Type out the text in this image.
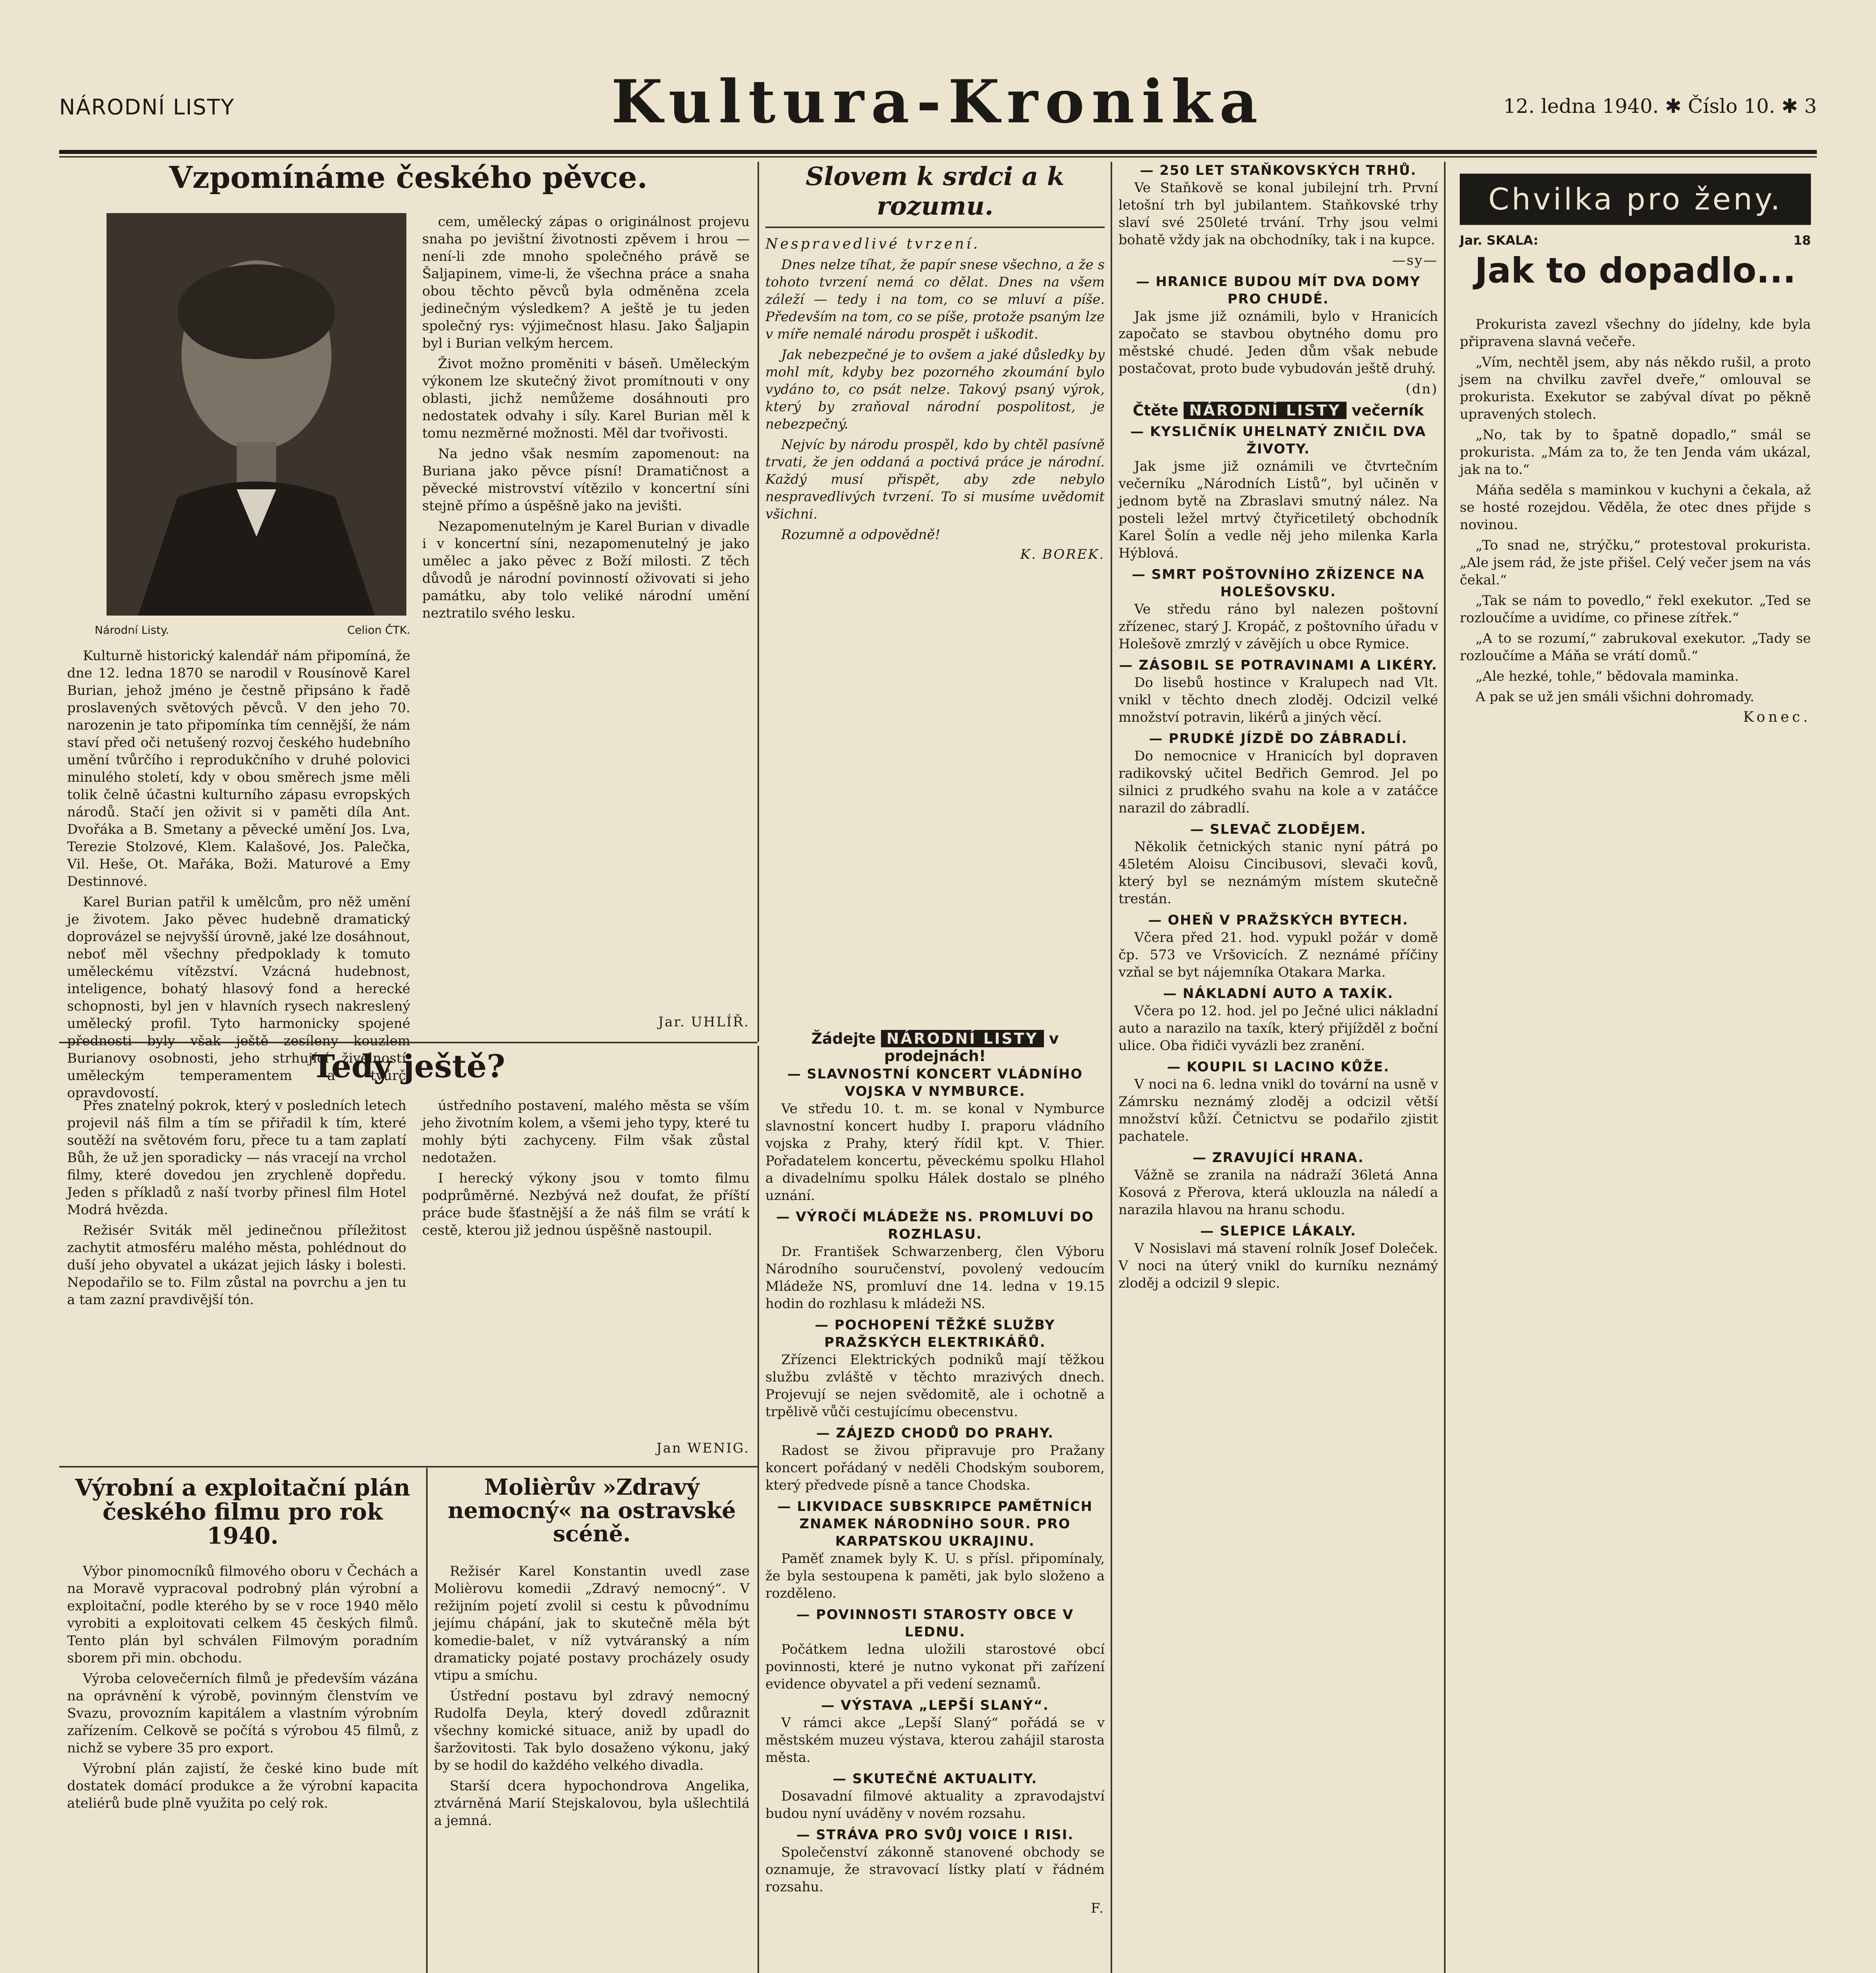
NÁRODNÍ LISTY	Kultura-Kronika	12. ledna 1940. ✱ Číslo 10. ✱ 3
Vzpomínáme českého pěvce.
Národní Listy.	Celion ČTK.

Kulturně historický kalendář nám připomíná, že dne 12. ledna 1870 se narodil v Rousínově Karel Burian, jehož jméno je čestně připsáno k řadě proslavených světových pěvců. V den jeho 70. narozenin je tato připomínka tím cennější, že nám staví před oči netušený rozvoj českého hudebního umění tvůrčího i reprodukčního v druhé polovici minulého století, kdy v obou směrech jsme měli tolik čelně účastni kulturního zápasu evropských národů. Stačí jen oživit si v paměti díla Ant. Dvořáka a B. Smetany a pěvecké umění Jos. Lva, Terezie Stolzové, Klem. Kalašové, Jos. Palečka, Vil. Heše, Ot. Mařáka, Boži. Maturové a Emy Destinnové.

Karel Burian patřil k umělcům, pro něž umění je životem. Jako pěvec hudebně dramatický doprovázel se nejvyšší úrovně, jaké lze dosáhnout, neboť měl všechny předpoklady k tomuto uměleckému vítězství. Vzácná hudebnost, inteligence, bohatý hlasový fond a herecké schopnosti, byl jen v hlavních rysech nakreslený umělecký profil. Tyto harmonicky spojené přednosti byly však ještě zesíleny kouzlem Burianovy osobnosti, jeho strhující živelností, uměleckým temperamentem a tvůrčí opravdovostí.

cem, umělecký zápas o originálnost projevu snaha po jevištní životnosti zpěvem i hrou — není-li zde mnoho společného právě se Šaljapinem, vime-li, že všechna práce a snaha obou těchto pěvců byla odměněna zcela jedinečným výsledkem? A ještě je tu jeden společný rys: výjimečnost hlasu. Jako Šaljapin byl i Burian velkým hercem.

Život možno proměniti v báseň. Uměleckým výkonem lze skutečný život promítnouti v ony oblasti, jichž nemůžeme dosáhnouti pro nedostatek odvahy i síly. Karel Burian měl k tomu nezměrné možnosti. Měl dar tvořivosti.

Na jedno však nesmím zapomenout: na Buriana jako pěvce písní! Dramatičnost a pěvecké mistrovství vítězilo v koncertní síni stejně přímo a úspěšně jako na jevišti.

Nezapomenutelným je Karel Burian v divadle i v koncertní síni, nezapomenutelný je jako umělec a jako pěvec z Boží milosti. Z těch důvodů je národní povinností oživovati si jeho památku, aby tolo veliké národní umění neztratilo svého lesku.

Jar. UHLÍŘ.
Tedy ještě?

Přes znatelný pokrok, který v posledních letech projevil náš film a tím se přiřadil k tím, které soutěží na světovém foru, přece tu a tam zaplatí Bůh, že už jen sporadicky — nás vracejí na vrchol filmy, které dovedou jen zrychleně dopředu. Jeden s příkladů z naší tvorby přinesl film Hotel Modrá hvězda.

Režisér Sviták měl jedinečnou příležitost zachytit atmosféru malého města, pohlédnout do duší jeho obyvatel a ukázat jejich lásky i bolesti. Nepodařilo se to. Film zůstal na povrchu a jen tu a tam zazní pravdivější tón.

ústředního postavení, malého města se vším jeho životním kolem, a všemi jeho typy, které tu mohly býti zachyceny. Film však zůstal nedotažen.

I herecký výkony jsou v tomto filmu podprůměrné. Nezbývá než doufat, že příští práce bude šťastnější a že náš film se vrátí k cestě, kterou již jednou úspěšně nastoupil.

Jan WENIG.
Výrobní a exploitační plán českého filmu pro rok 1940.

Výbor pinomocníků filmového oboru v Čechách a na Moravě vypracoval podrobný plán výrobní a exploitační, podle kterého by se v roce 1940 mělo vyrobiti a exploitovati celkem 45 českých filmů. Tento plán byl schválen Filmovým poradním sborem při min. obchodu.

Výroba celovečerních filmů je především vázána na oprávnění k výrobě, povinným členstvím ve Svazu, provozním kapitálem a vlastním výrobním zařízením. Celkově se počítá s výrobou 45 filmů, z nichž se vybere 35 pro export.

Výrobní plán zajistí, že české kino bude mít dostatek domácí produkce a že výrobní kapacita ateliérů bude plně využita po celý rok.

Molièrův »Zdravý nemocný« na ostravské scéně.

Režisér Karel Konstantin uvedl zase Molièrovu komedii „Zdravý nemocný“. V režijním pojetí zvolil si cestu k původnímu jejímu chápání, jak to skutečně měla být komedie-balet, v níž vytváranský a ním dramaticky pojaté postavy procházely osudy vtipu a smíchu.

Ústřední postavu byl zdravý nemocný Rudolfa Deyla, který dovedl zdůraznit všechny komické situace, aniž by upadl do šaržovitosti. Tak bylo dosaženo výkonu, jaký by se hodil do každého velkého divadla.

Starší dcera hypochondrova Angelika, ztvárněná Marií Stejskalovou, byla ušlechtilá a jemná.

Slovem k srdci a k rozumu.
Nespravedlivé tvrzení.

Dnes nelze tíhat, že papír snese všechno, a že s tohoto tvrzení nemá co dělat. Dnes na všem záleží — tedy i na tom, co se mluví a píše. Především na tom, co se píše, protože psaným lze v míře nemalé národu prospět i uškodit.

Jak nebezpečné je to ovšem a jaké důsledky by mohl mít, kdyby bez pozorného zkoumání bylo vydáno to, co psát nelze. Takový psaný výrok, který by zraňoval národní pospolitost, je nebezpečný.

Nejvíc by národu prospěl, kdo by chtěl pasívně trvati, že jen oddaná a poctivá práce je národní. Každý musí přispět, aby zde nebylo nespravedlivých tvrzení. To si musíme uvědomit všichni.

Rozumně a odpovědně!

K. BOREK.
Žádejte NÁRODNÍ LISTY v prodejnách!
— SLAVNOSTNÍ KONCERT VLÁDNÍHO VOJSKA V NYMBURCE.

Ve středu 10. t. m. se konal v Nymburce slavnostní koncert hudby I. praporu vládního vojska z Prahy, který řídil kpt. V. Thier. Pořadatelem koncertu, pěveckému spolku Hlahol a divadelnímu spolku Hálek dostalo se plného uznání.

— VÝROČÍ MLÁDEŽE NS. PROMLUVÍ DO ROZHLASU.

Dr. František Schwarzenberg, člen Výboru Národního souručenství, povolený vedoucím Mládeže NS, promluví dne 14. ledna v 19.15 hodin do rozhlasu k mládeži NS.

— POCHOPENÍ TĚŽKÉ SLUŽBY PRAŽSKÝCH ELEKTRIKÁŘŮ.

Zřízenci Elektrických podniků mají těžkou službu zvláště v těchto mrazivých dnech. Projevují se nejen svědomitě, ale i ochotně a trpělivě vůči cestujícímu obecenstvu.

— ZÁJEZD CHODŮ DO PRAHY.

Radost se živou připravuje pro Pražany koncert pořádaný v neděli Chodským souborem, který předvede písně a tance Chodska.

— LIKVIDACE SUBSKRIPCE PAMĚTNÍCH ZNAMEK NÁRODNÍHO SOUR. PRO KARPATSKOU UKRAJINU.

Paměť znamek byly K. U. s přísl. připomínaly, že byla sestoupena k paměti, jak bylo složeno a rozděleno.

— POVINNOSTI STAROSTY OBCE V LEDNU.

Počátkem ledna uložili starostové obcí povinnosti, které je nutno vykonat při zařízení evidence obyvatel a při vedení seznamů.

— VÝSTAVA „LEPŠÍ SLANÝ“.

V rámci akce „Lepší Slaný“ pořádá se v městském muzeu výstava, kterou zahájil starosta města.

— SKUTEČNÉ AKTUALITY.

Dosavadní filmové aktuality a zpravodajství budou nyní uváděny v novém rozsahu.

— STRÁVA PRO SVŮJ VOICE I RISI.

Společenství zákonně stanovené obchody se oznamuje, že stravovací lístky platí v řádném rozsahu.

F.
— 250 LET STAŇKOVSKÝCH TRHŮ.

Ve Staňkově se konal jubilejní trh. První letošní trh byl jubilantem. Staňkovské trhy slaví své 250leté trvání. Trhy jsou velmi bohatě vždy jak na obchodníky, tak i na kupce.

—sy—
— HRANICE BUDOU MÍT DVA DOMY PRO CHUDÉ.

Jak jsme již oznámili, bylo v Hranicích započato se stavbou obytného domu pro městské chudé. Jeden dům však nebude postačovat, proto bude vybudován ještě druhý.

(dn)
Čtěte NÁRODNÍ LISTY večerník
— KYSLIČNÍK UHELNATÝ ZNIČIL DVA ŽIVOTY.

Jak jsme již oznámili ve čtvrtečním večerníku „Národních Listů“, byl učiněn v jednom bytě na Zbraslavi smutný nález. Na posteli ležel mrtvý čtyřicetiletý obchodník Karel Šolín a vedle něj jeho milenka Karla Hýblová.

— SMRT POŠTOVNÍHO ZŘÍZENCE NA HOLEŠOVSKU.

Ve středu ráno byl nalezen poštovní zřízenec, starý J. Kropáč, z poštovního úřadu v Holešově zmrzlý v závějích u obce Rymice.

— ZÁSOBIL SE POTRAVINAMI A LIKÉRY.

Do lisebů hostince v Kralupech nad Vlt. vnikl v těchto dnech zloděj. Odcizil velké množství potravin, likérů a jiných věcí.

— PRUDKÉ JÍZDĚ DO ZÁBRADLÍ.

Do nemocnice v Hranicích byl dopraven radikovský učitel Bedřich Gemrod. Jel po silnici z prudkého svahu na kole a v zatáčce narazil do zábradlí.

— SLEVAČ ZLODĚJEM.

Několik četnických stanic nyní pátrá po 45letém Aloisu Cincibusovi, slevači kovů, který byl se neznámým místem skutečně trestán.

— OHEŇ V PRAŽSKÝCH BYTECH.

Včera před 21. hod. vypukl požár v domě čp. 573 ve Vršovicích. Z neznámé příčiny vzňal se byt nájemníka Otakara Marka.

— NÁKLADNÍ AUTO A TAXÍK.

Včera po 12. hod. jel po Ječné ulici nákladní auto a narazilo na taxík, který přijížděl z boční ulice. Oba řidiči vyvázli bez zranění.

— KOUPIL SI LACINO KŮŽE.

V noci na 6. ledna vnikl do tovární na usně v Zámrsku neznámý zloděj a odcizil větší množství kůží. Četnictvu se podařilo zjistit pachatele.

— ZRAVUJÍCÍ HRANA.

Vážně se zranila na nádraží 36letá Anna Kosová z Přerova, která uklouzla na náledí a narazila hlavou na hranu schodu.

— SLEPICE LÁKALY.

V Nosislavi má stavení rolník Josef Doleček. V noci na úterý vnikl do kurníku neznámý zloděj a odcizil 9 slepic.

Chvilka pro ženy.
Jar. SKALA:	18
Jak to dopadlo...

Prokurista zavezl všechny do jídelny, kde byla připravena slavná večeře.

„Vím, nechtěl jsem, aby nás někdo rušil, a proto jsem na chvilku zavřel dveře,“ omlouval se prokurista. Exekutor se zabýval dívat po pěkně upravených stolech.

„No, tak by to špatně dopadlo,“ smál se prokurista. „Mám za to, že ten Jenda vám ukázal, jak na to.“

Máňa seděla s maminkou v kuchyni a čekala, až se hosté rozejdou. Věděla, že otec dnes přijde s novinou.

„To snad ne, strýčku,“ protestoval prokurista. „Ale jsem rád, že jste přišel. Celý večer jsem na vás čekal.“

„Tak se nám to povedlo,“ řekl exekutor. „Ted se rozloučíme a uvidíme, co přinese zítřek.“

„A to se rozumí,“ zabrukoval exekutor. „Tady se rozloučíme a Máňa se vrátí domů.“

„Ale hezké, tohle,“ bědovala maminka.

A pak se už jen smáli všichni dohromady.

Konec.
